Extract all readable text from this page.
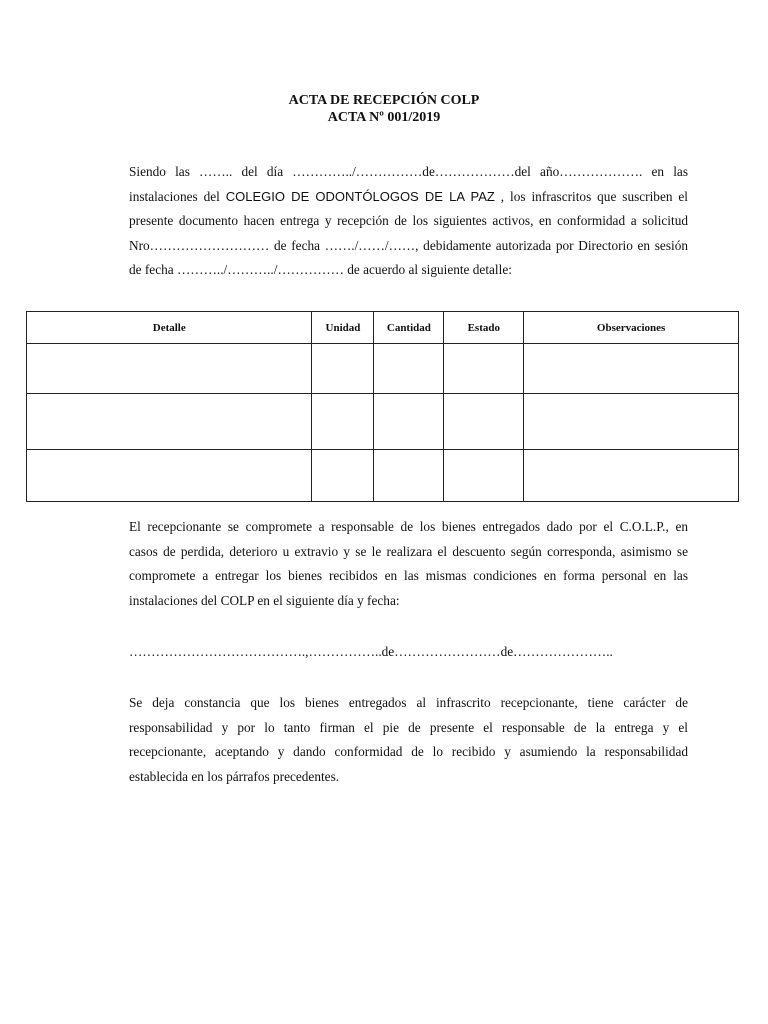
ACTA DE RECEPCIÓN COLP
ACTA Nº 001/2019

Siendo las …….. del día …………../……………de………………del año………………. en las
instalaciones del COLEGIO DE ODONTÓLOGOS DE LA PAZ , los infrascritos que suscriben el
presente documento hacen entrega y recepción de los siguientes activos, en conformidad a solicitud
Nro……………………… de fecha ……./……/……, debidamente autorizada por Directorio en sesión
de fecha ………../………../…………… de acuerdo al siguiente detalle:

Detalle	Unidad	Cantidad	Estado	Observaciones

El recepcionante se compromete a responsable de los bienes entregados dado por el C.O.L.P., en
casos de perdida, deterioro u extravio y se le realizara el descuento según corresponda, asimismo se
compromete a entregar los bienes recibidos en las mismas condiciones en forma personal en las
instalaciones del COLP en el siguiente día y fecha:

………………………………….,……………..de……………………de…………………..

Se deja constancia que los bienes entregados al infrascrito recepcionante, tiene carácter de
responsabilidad y por lo tanto firman el pie de presente el responsable de la entrega y el
recepcionante, aceptando y dando conformidad de lo recibido y asumiendo la responsabilidad
establecida en los párrafos precedentes.
